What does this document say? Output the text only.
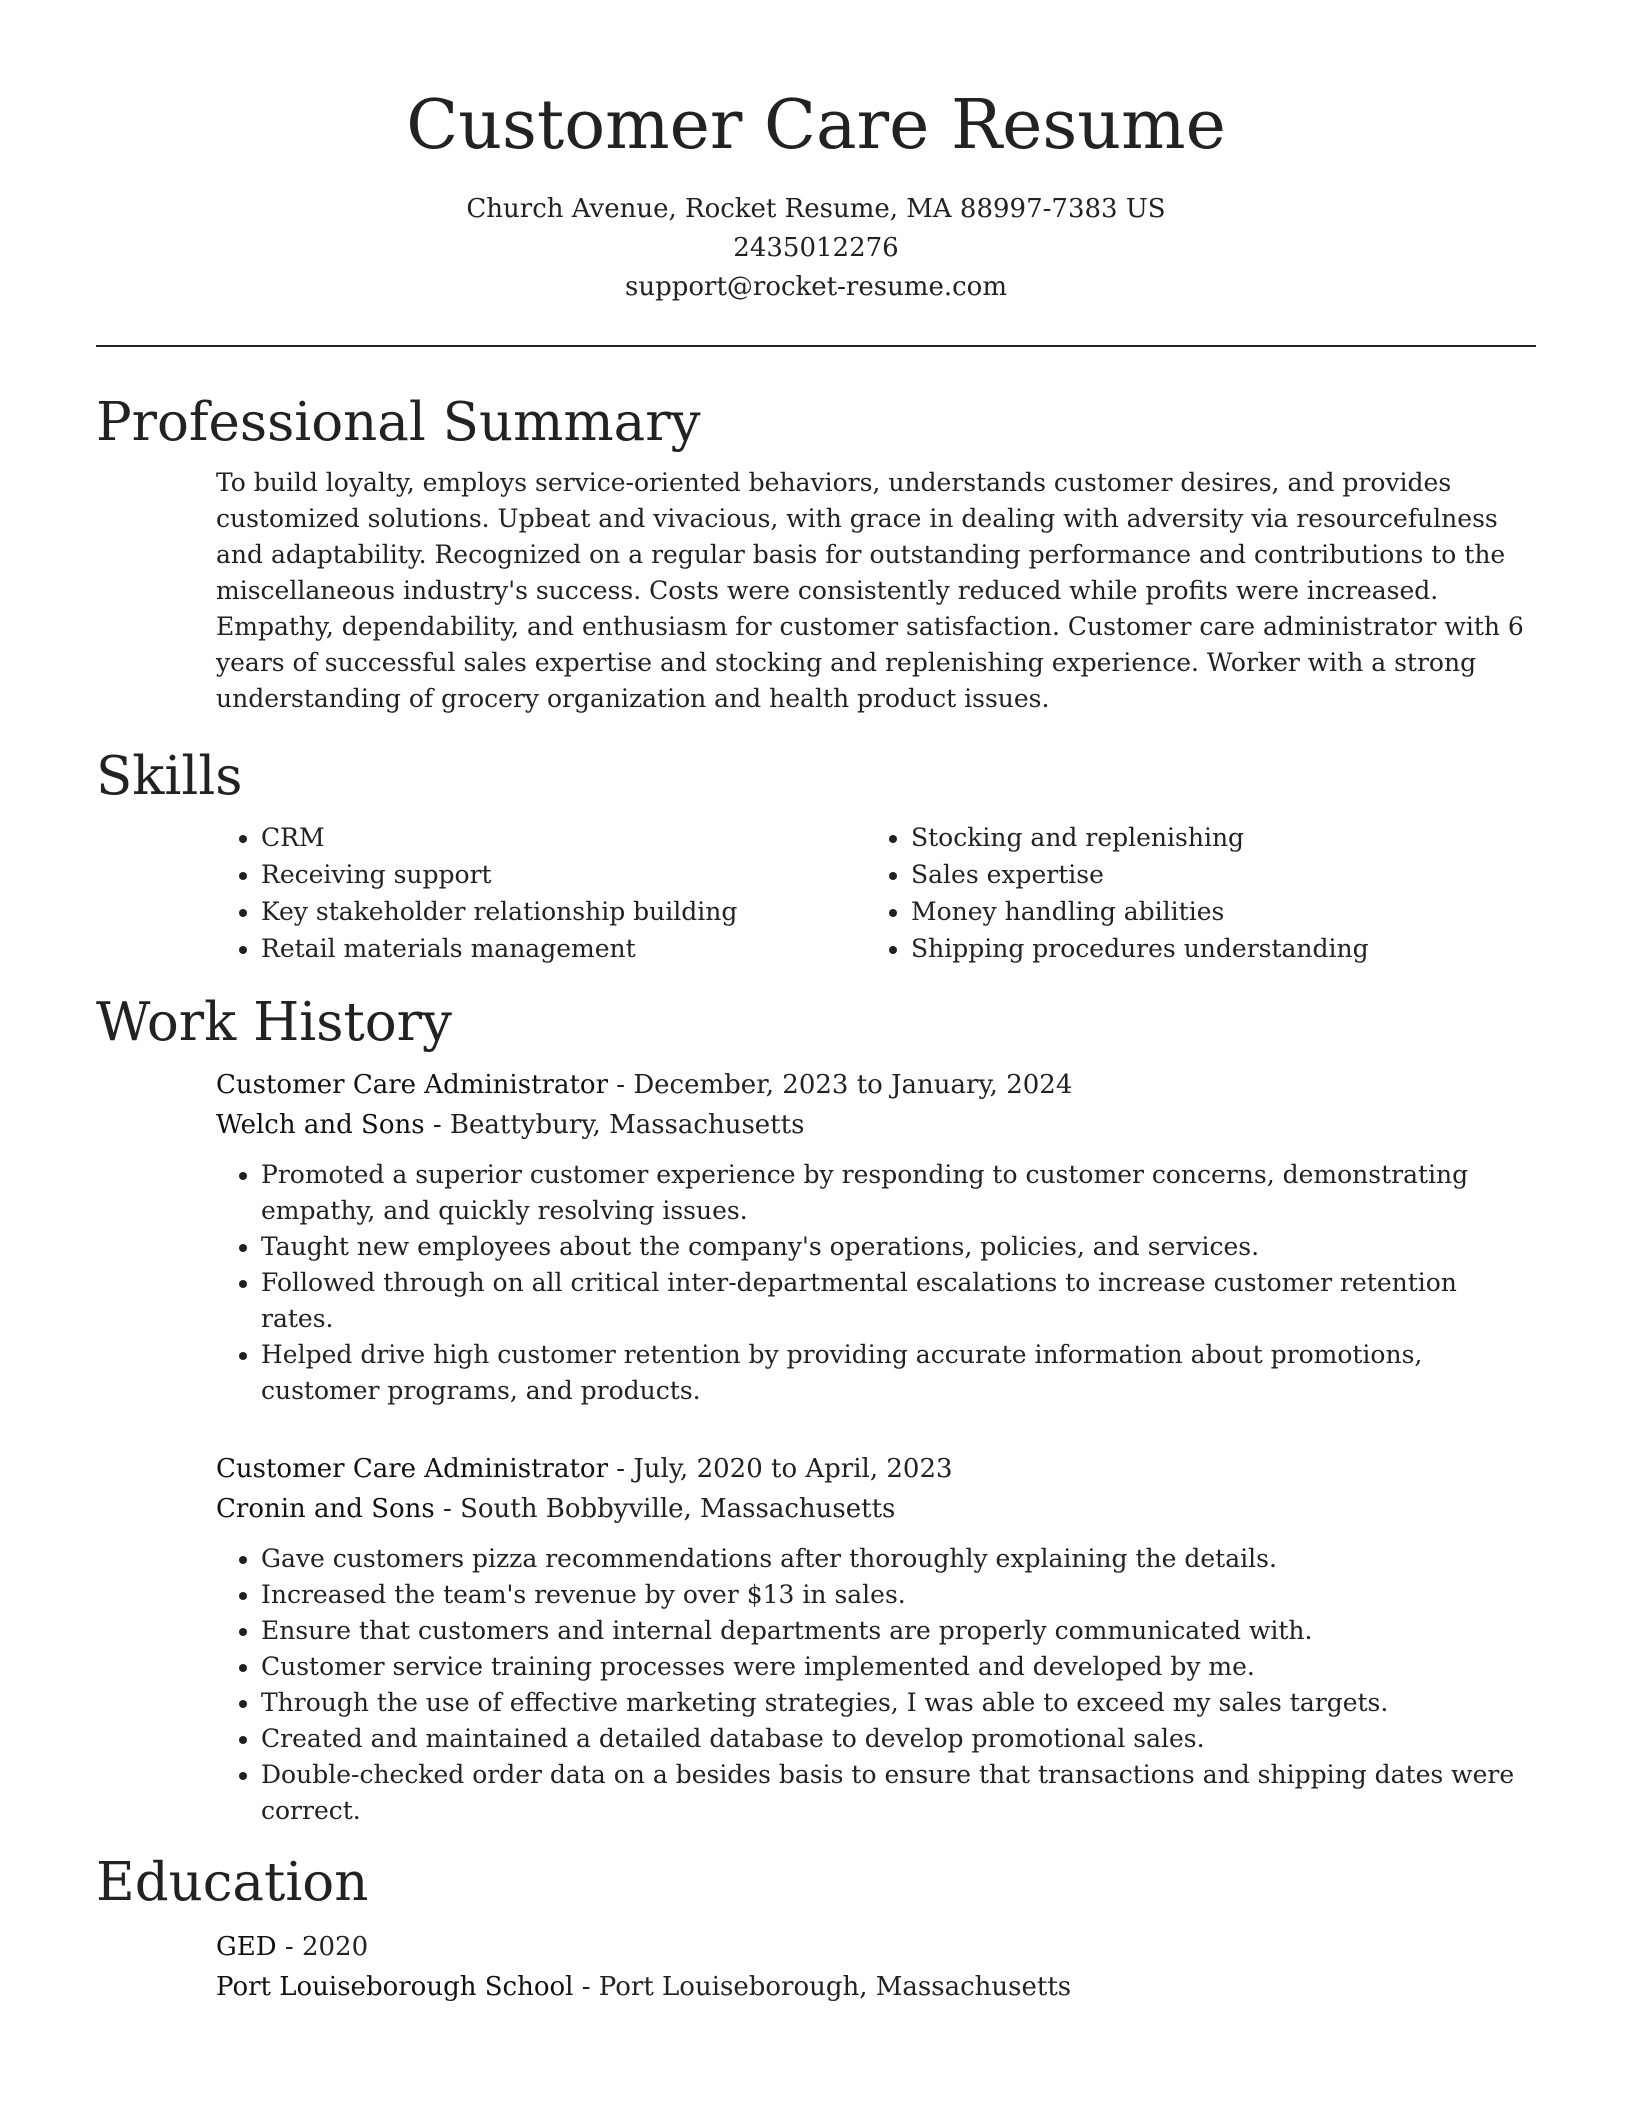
Customer Care Resume
Church Avenue, Rocket Resume, MA 88997-7383 US
2435012276
support@rocket-resume.com
Professional Summary

To build loyalty, employs service-oriented behaviors, understands customer desires, and provides customized solutions. Upbeat and vivacious, with grace in dealing with adversity via resourcefulness and adaptability. Recognized on a regular basis for outstanding performance and contributions to the miscellaneous industry's success. Costs were consistently reduced while profits were increased. Empathy, dependability, and enthusiasm for customer satisfaction. Customer care administrator with 6 years of successful sales expertise and stocking and replenishing experience. Worker with a strong understanding of grocery organization and health product issues.

Skills
• CRM
• Receiving support
• Key stakeholder relationship building
• Retail materials management
• Stocking and replenishing
• Sales expertise
• Money handling abilities
• Shipping procedures understanding
Work History
Customer Care Administrator - December, 2023 to January, 2024
Welch and Sons - Beattybury, Massachusetts
• Promoted a superior customer experience by responding to customer concerns, demonstrating empathy, and quickly resolving issues.
• Taught new employees about the company's operations, policies, and services.
• Followed through on all critical inter-departmental escalations to increase customer retention rates.
• Helped drive high customer retention by providing accurate information about promotions, customer programs, and products.
Customer Care Administrator - July, 2020 to April, 2023
Cronin and Sons - South Bobbyville, Massachusetts
• Gave customers pizza recommendations after thoroughly explaining the details.
• Increased the team's revenue by over $13 in sales.
• Ensure that customers and internal departments are properly communicated with.
• Customer service training processes were implemented and developed by me.
• Through the use of effective marketing strategies, I was able to exceed my sales targets.
• Created and maintained a detailed database to develop promotional sales.
• Double-checked order data on a besides basis to ensure that transactions and shipping dates were correct.
Education
GED - 2020
Port Louiseborough School - Port Louiseborough, Massachusetts
